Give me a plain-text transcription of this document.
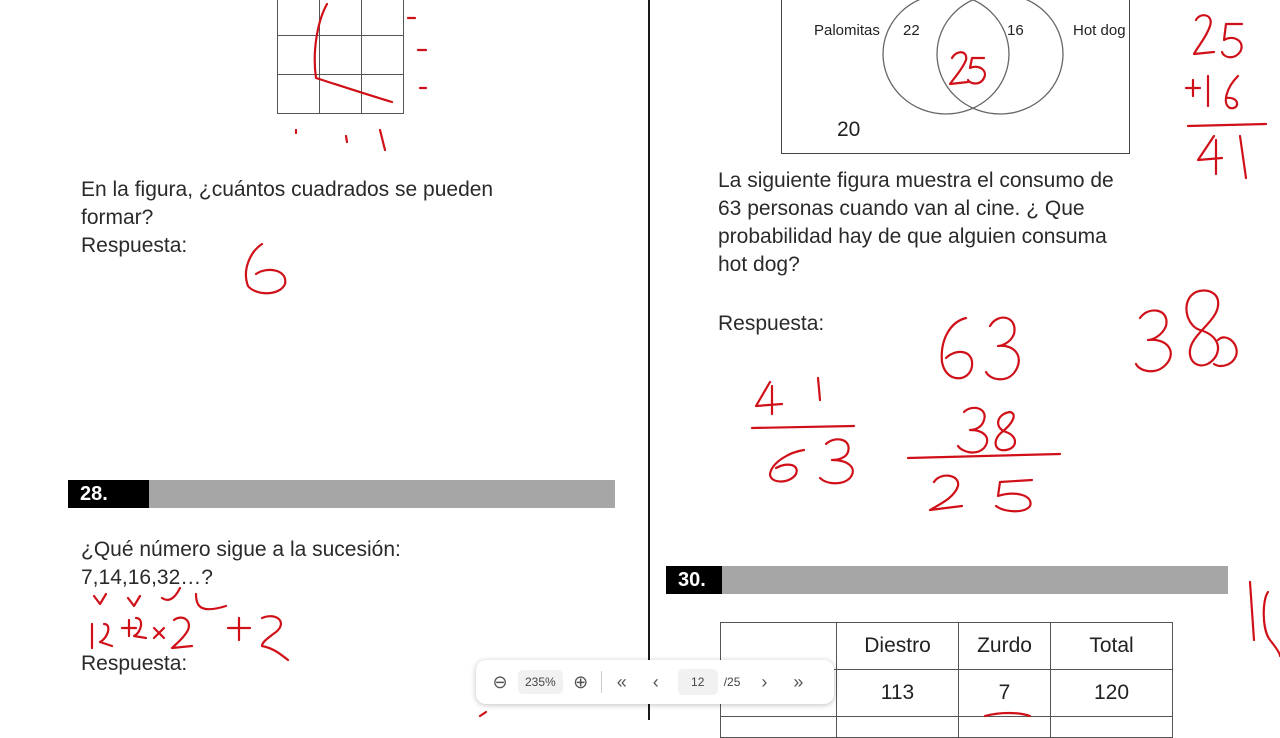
En la figura, ¿cuántos cuadrados se pueden
formar?
Respuesta:
28.
¿Qué número sigue a la sucesión:
7,14,16,32…?
Respuesta:
Palomitas 22	16	Hot dog
20
La siguiente figura muestra el consumo de
63 personas cuando van al cine. ¿ Que
probabilidad hay de que alguien consuma
hot dog?
Respuesta:
30.
	Diestro	Zurdo	Total
	113	7	120

⊖	235% ⊕ « ‹	12	/25 › »
